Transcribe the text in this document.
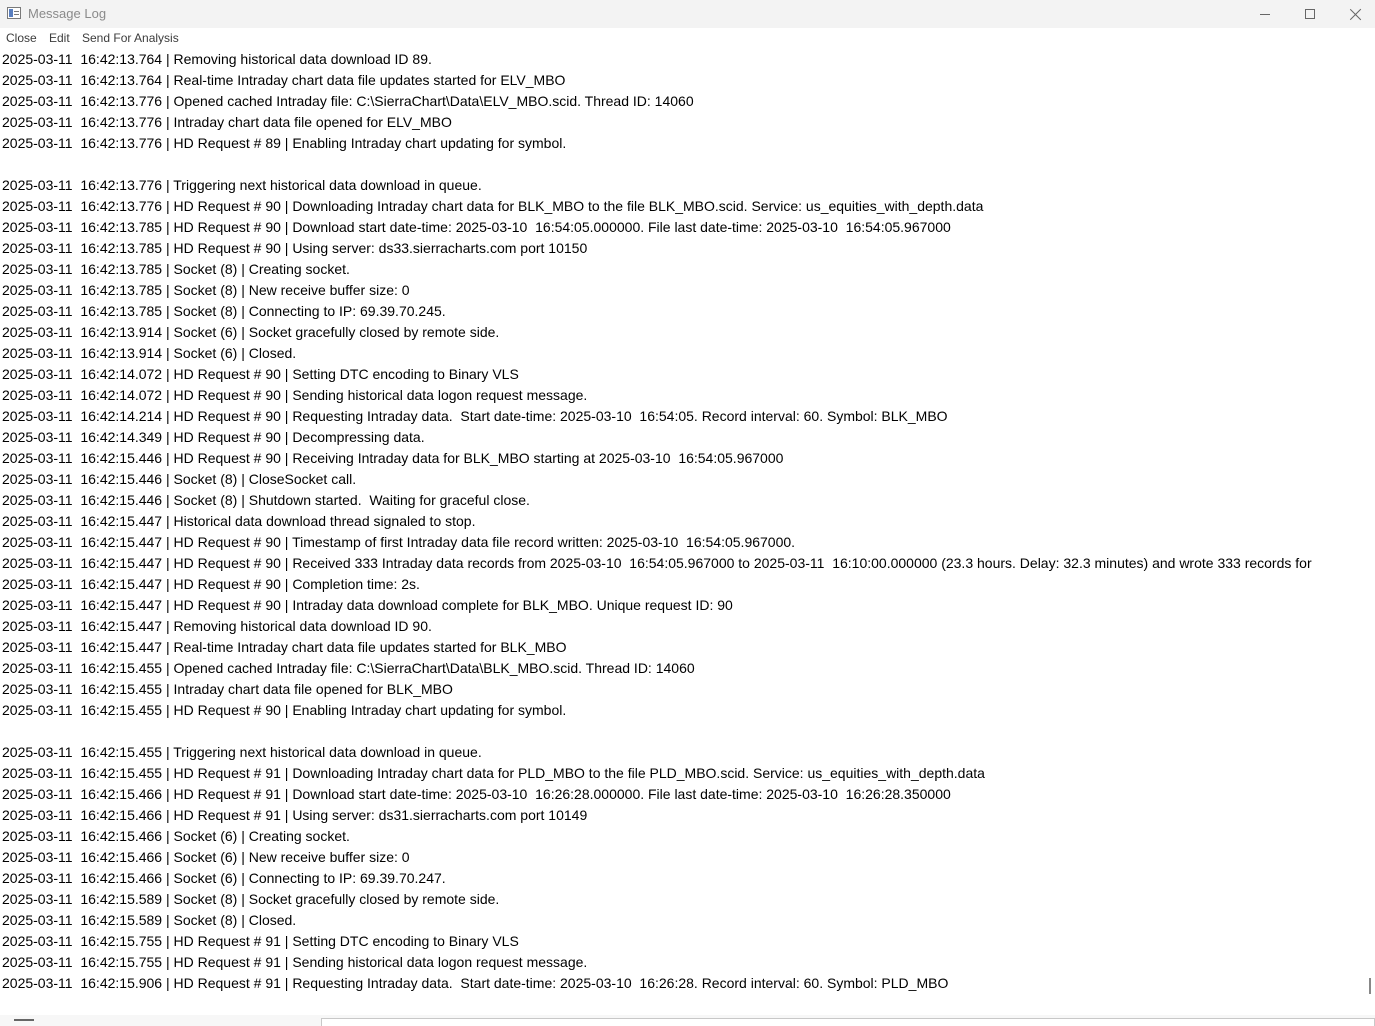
Message Log
Close Edit Send For Analysis
2025-03-11  16:42:13.764 | Removing historical data download ID 89.
2025-03-11  16:42:13.764 | Real-time Intraday chart data file updates started for ELV_MBO
2025-03-11  16:42:13.776 | Opened cached Intraday file: C:\SierraChart\Data\ELV_MBO.scid. Thread ID: 14060
2025-03-11  16:42:13.776 | Intraday chart data file opened for ELV_MBO
2025-03-11  16:42:13.776 | HD Request # 89 | Enabling Intraday chart updating for symbol.
2025-03-11  16:42:13.776 | Triggering next historical data download in queue.
2025-03-11  16:42:13.776 | HD Request # 90 | Downloading Intraday chart data for BLK_MBO to the file BLK_MBO.scid. Service: us_equities_with_depth.data
2025-03-11  16:42:13.785 | HD Request # 90 | Download start date-time: 2025-03-10  16:54:05.000000. File last date-time: 2025-03-10  16:54:05.967000
2025-03-11  16:42:13.785 | HD Request # 90 | Using server: ds33.sierracharts.com port 10150
2025-03-11  16:42:13.785 | Socket (8) | Creating socket.
2025-03-11  16:42:13.785 | Socket (8) | New receive buffer size: 0
2025-03-11  16:42:13.785 | Socket (8) | Connecting to IP: 69.39.70.245.
2025-03-11  16:42:13.914 | Socket (6) | Socket gracefully closed by remote side.
2025-03-11  16:42:13.914 | Socket (6) | Closed.
2025-03-11  16:42:14.072 | HD Request # 90 | Setting DTC encoding to Binary VLS
2025-03-11  16:42:14.072 | HD Request # 90 | Sending historical data logon request message.
2025-03-11  16:42:14.214 | HD Request # 90 | Requesting Intraday data.  Start date-time: 2025-03-10  16:54:05. Record interval: 60. Symbol: BLK_MBO
2025-03-11  16:42:14.349 | HD Request # 90 | Decompressing data.
2025-03-11  16:42:15.446 | HD Request # 90 | Receiving Intraday data for BLK_MBO starting at 2025-03-10  16:54:05.967000
2025-03-11  16:42:15.446 | Socket (8) | CloseSocket call.
2025-03-11  16:42:15.446 | Socket (8) | Shutdown started.  Waiting for graceful close.
2025-03-11  16:42:15.447 | Historical data download thread signaled to stop.
2025-03-11  16:42:15.447 | HD Request # 90 | Timestamp of first Intraday data file record written: 2025-03-10  16:54:05.967000.
2025-03-11  16:42:15.447 | HD Request # 90 | Received 333 Intraday data records from 2025-03-10  16:54:05.967000 to 2025-03-11  16:10:00.000000 (23.3 hours. Delay: 32.3 minutes) and wrote 333 records for
2025-03-11  16:42:15.447 | HD Request # 90 | Completion time: 2s.
2025-03-11  16:42:15.447 | HD Request # 90 | Intraday data download complete for BLK_MBO. Unique request ID: 90
2025-03-11  16:42:15.447 | Removing historical data download ID 90.
2025-03-11  16:42:15.447 | Real-time Intraday chart data file updates started for BLK_MBO
2025-03-11  16:42:15.455 | Opened cached Intraday file: C:\SierraChart\Data\BLK_MBO.scid. Thread ID: 14060
2025-03-11  16:42:15.455 | Intraday chart data file opened for BLK_MBO
2025-03-11  16:42:15.455 | HD Request # 90 | Enabling Intraday chart updating for symbol.
2025-03-11  16:42:15.455 | Triggering next historical data download in queue.
2025-03-11  16:42:15.455 | HD Request # 91 | Downloading Intraday chart data for PLD_MBO to the file PLD_MBO.scid. Service: us_equities_with_depth.data
2025-03-11  16:42:15.466 | HD Request # 91 | Download start date-time: 2025-03-10  16:26:28.000000. File last date-time: 2025-03-10  16:26:28.350000
2025-03-11  16:42:15.466 | HD Request # 91 | Using server: ds31.sierracharts.com port 10149
2025-03-11  16:42:15.466 | Socket (6) | Creating socket.
2025-03-11  16:42:15.466 | Socket (6) | New receive buffer size: 0
2025-03-11  16:42:15.466 | Socket (6) | Connecting to IP: 69.39.70.247.
2025-03-11  16:42:15.589 | Socket (8) | Socket gracefully closed by remote side.
2025-03-11  16:42:15.589 | Socket (8) | Closed.
2025-03-11  16:42:15.755 | HD Request # 91 | Setting DTC encoding to Binary VLS
2025-03-11  16:42:15.755 | HD Request # 91 | Sending historical data logon request message.
2025-03-11  16:42:15.906 | HD Request # 91 | Requesting Intraday data.  Start date-time: 2025-03-10  16:26:28. Record interval: 60. Symbol: PLD_MBO
